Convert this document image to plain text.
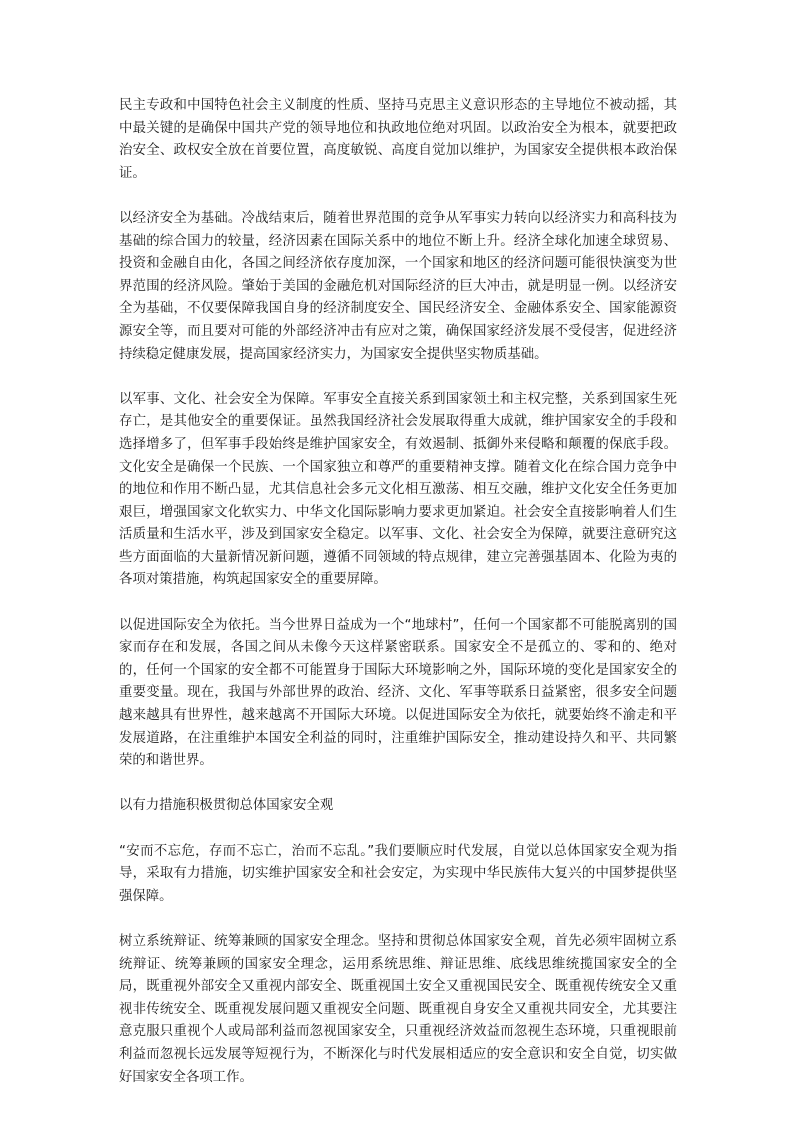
民主专政和中国特色社会主义制度的性质、坚持马克思主义意识形态的主导地位不被动摇，其中最关键的是确保中国共产党的领导地位和执政地位绝对巩固。以政治安全为根本，就要把政治安全、政权安全放在首要位置，高度敏锐、高度自觉加以维护，为国家安全提供根本政治保证。

以经济安全为基础。冷战结束后，随着世界范围的竞争从军事实力转向以经济实力和高科技为基础的综合国力的较量，经济因素在国际关系中的地位不断上升。经济全球化加速全球贸易、投资和金融自由化，各国之间经济依存度加深，一个国家和地区的经济问题可能很快演变为世界范围的经济风险。肇始于美国的金融危机对国际经济的巨大冲击，就是明显一例。以经济安全为基础，不仅要保障我国自身的经济制度安全、国民经济安全、金融体系安全、国家能源资源安全等，而且要对可能的外部经济冲击有应对之策，确保国家经济发展不受侵害，促进经济持续稳定健康发展，提高国家经济实力，为国家安全提供坚实物质基础。

以军事、文化、社会安全为保障。军事安全直接关系到国家领土和主权完整，关系到国家生死存亡，是其他安全的重要保证。虽然我国经济社会发展取得重大成就，维护国家安全的手段和选择增多了，但军事手段始终是维护国家安全，有效遏制、抵御外来侵略和颠覆的保底手段。文化安全是确保一个民族、一个国家独立和尊严的重要精神支撑。随着文化在综合国力竞争中的地位和作用不断凸显，尤其信息社会多元文化相互激荡、相互交融，维护文化安全任务更加艰巨，增强国家文化软实力、中华文化国际影响力要求更加紧迫。社会安全直接影响着人们生活质量和生活水平，涉及到国家安全稳定。以军事、文化、社会安全为保障，就要注意研究这些方面面临的大量新情况新问题，遵循不同领域的特点规律，建立完善强基固本、化险为夷的各项对策措施，构筑起国家安全的重要屏障。

以促进国际安全为依托。当今世界日益成为一个“地球村”，任何一个国家都不可能脱离别的国家而存在和发展，各国之间从未像今天这样紧密联系。国家安全不是孤立的、零和的、绝对的，任何一个国家的安全都不可能置身于国际大环境影响之外，国际环境的变化是国家安全的重要变量。现在，我国与外部世界的政治、经济、文化、军事等联系日益紧密，很多安全问题越来越具有世界性，越来越离不开国际大环境。以促进国际安全为依托，就要始终不渝走和平发展道路，在注重维护本国安全利益的同时，注重维护国际安全，推动建设持久和平、共同繁荣的和谐世界。

以有力措施积极贯彻总体国家安全观

“安而不忘危，存而不忘亡，治而不忘乱。”我们要顺应时代发展，自觉以总体国家安全观为指导，采取有力措施，切实维护国家安全和社会安定，为实现中华民族伟大复兴的中国梦提供坚强保障。

树立系统辩证、统筹兼顾的国家安全理念。坚持和贯彻总体国家安全观，首先必须牢固树立系统辩证、统筹兼顾的国家安全理念，运用系统思维、辩证思维、底线思维统揽国家安全的全局，既重视外部安全又重视内部安全、既重视国土安全又重视国民安全、既重视传统安全又重视非传统安全、既重视发展问题又重视安全问题、既重视自身安全又重视共同安全，尤其要注意克服只重视个人或局部利益而忽视国家安全，只重视经济效益而忽视生态环境，只重视眼前利益而忽视长远发展等短视行为，不断深化与时代发展相适应的安全意识和安全自觉，切实做好国家安全各项工作。
